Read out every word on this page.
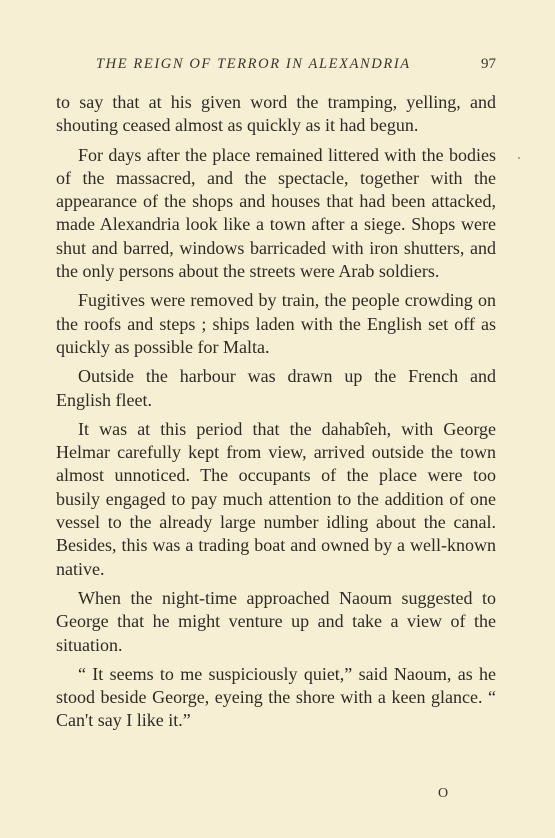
THE REIGN OF TERROR IN ALEXANDRIA	97

to say that at his given word the tramping, yelling, and shouting ceased almost as quickly as it had begun.

For days after the place remained littered with the bodies of the massacred, and the spectacle, together with the appearance of the shops and houses that had been attacked, made Alexandria look like a town after a siege. Shops were shut and barred, windows barricaded with iron shutters, and the only persons about the streets were Arab soldiers.

Fugitives were removed by train, the people crowding on the roofs and steps ; ships laden with the English set off as quickly as possible for Malta.

Outside the harbour was drawn up the French and English fleet.

It was at this period that the dahabîeh, with George Helmar carefully kept from view, arrived outside the town almost unnoticed. The occupants of the place were too busily engaged to pay much attention to the addition of one vessel to the already large number idling about the canal. Besides, this was a trading boat and owned by a well-known native.

When the night-time approached Naoum suggested to George that he might venture up and take a view of the situation.

“ It seems to me suspiciously quiet,” said Naoum, as he stood beside George, eyeing the shore with a keen glance. “ Can't say I like it.”

O
